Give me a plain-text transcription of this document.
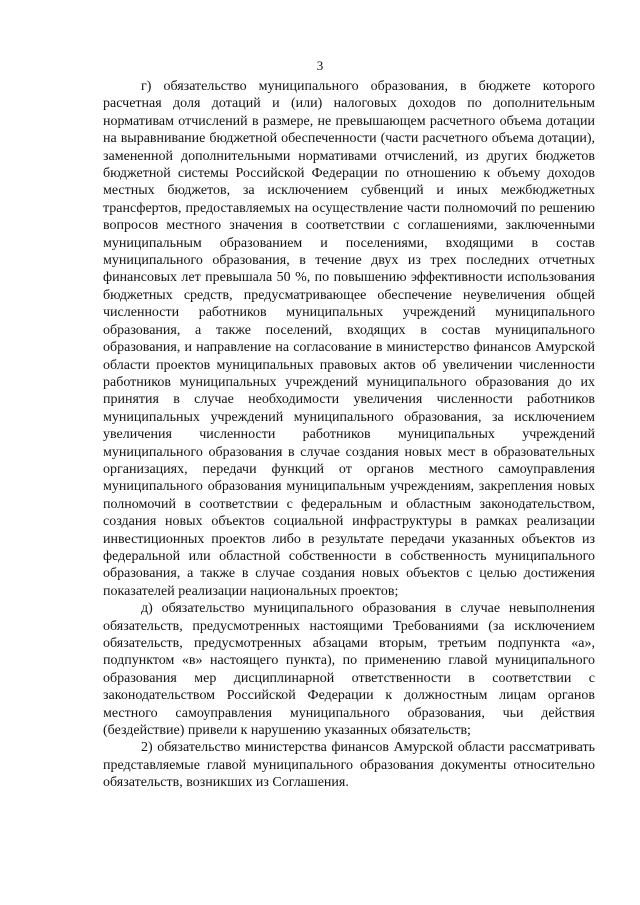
3

г) обязательство муниципального образования, в бюджете которого расчетная доля дотаций и (или) налоговых доходов по дополнительным нормативам отчислений в размере, не превышающем расчетного объема дотации на выравнивание бюджетной обеспеченности (части расчетного объема дотации), замененной дополнительными нормативами отчислений, из других бюджетов бюджетной системы Российской Федерации по отношению к объему доходов местных бюджетов, за исключением субвенций и иных межбюджетных трансфертов, предоставляемых на осуществление части полномочий по решению вопросов местного значения в соответствии с соглашениями, заключенными муниципальным образованием и поселениями, входящими в состав муниципального образования, в течение двух из трех последних отчетных финансовых лет превышала 50 %, по повышению эффективности использования бюджетных средств, предусматривающее обеспечение неувеличения общей численности работников муниципальных учреждений муниципального образования, а также поселений, входящих в состав муниципального образования, и направление на согласование в министерство финансов Амурской области проектов муниципальных правовых актов об увеличении численности работников муниципальных учреждений муниципального образования до их принятия в случае необходимости увеличения численности работников муниципальных учреждений муниципального образования, за исключением увеличения численности работников муниципальных учреждений муниципального образования в случае создания новых мест в образовательных организациях, передачи функций от органов местного самоуправления муниципального образования муниципальным учреждениям, закрепления новых полномочий в соответствии с федеральным и областным законодательством, создания новых объектов социальной инфраструктуры в рамках реализации инвестиционных проектов либо в результате передачи указанных объектов из федеральной или областной собственности в собственность муниципального образования, а также в случае создания новых объектов с целью достижения показателей реализации национальных проектов;

д) обязательство муниципального образования в случае невыполнения обязательств, предусмотренных настоящими Требованиями (за исключением обязательств, предусмотренных абзацами вторым, третьим подпункта «а», подпунктом «в» настоящего пункта), по применению главой муниципального образования мер дисциплинарной ответственности в соответствии с законодательством Российской Федерации к должностным лицам органов местного самоуправления муниципального образования, чьи действия (бездействие) привели к нарушению указанных обязательств;

2) обязательство министерства финансов Амурской области рассматривать представляемые главой муниципального образования документы относительно обязательств, возникших из Соглашения.
